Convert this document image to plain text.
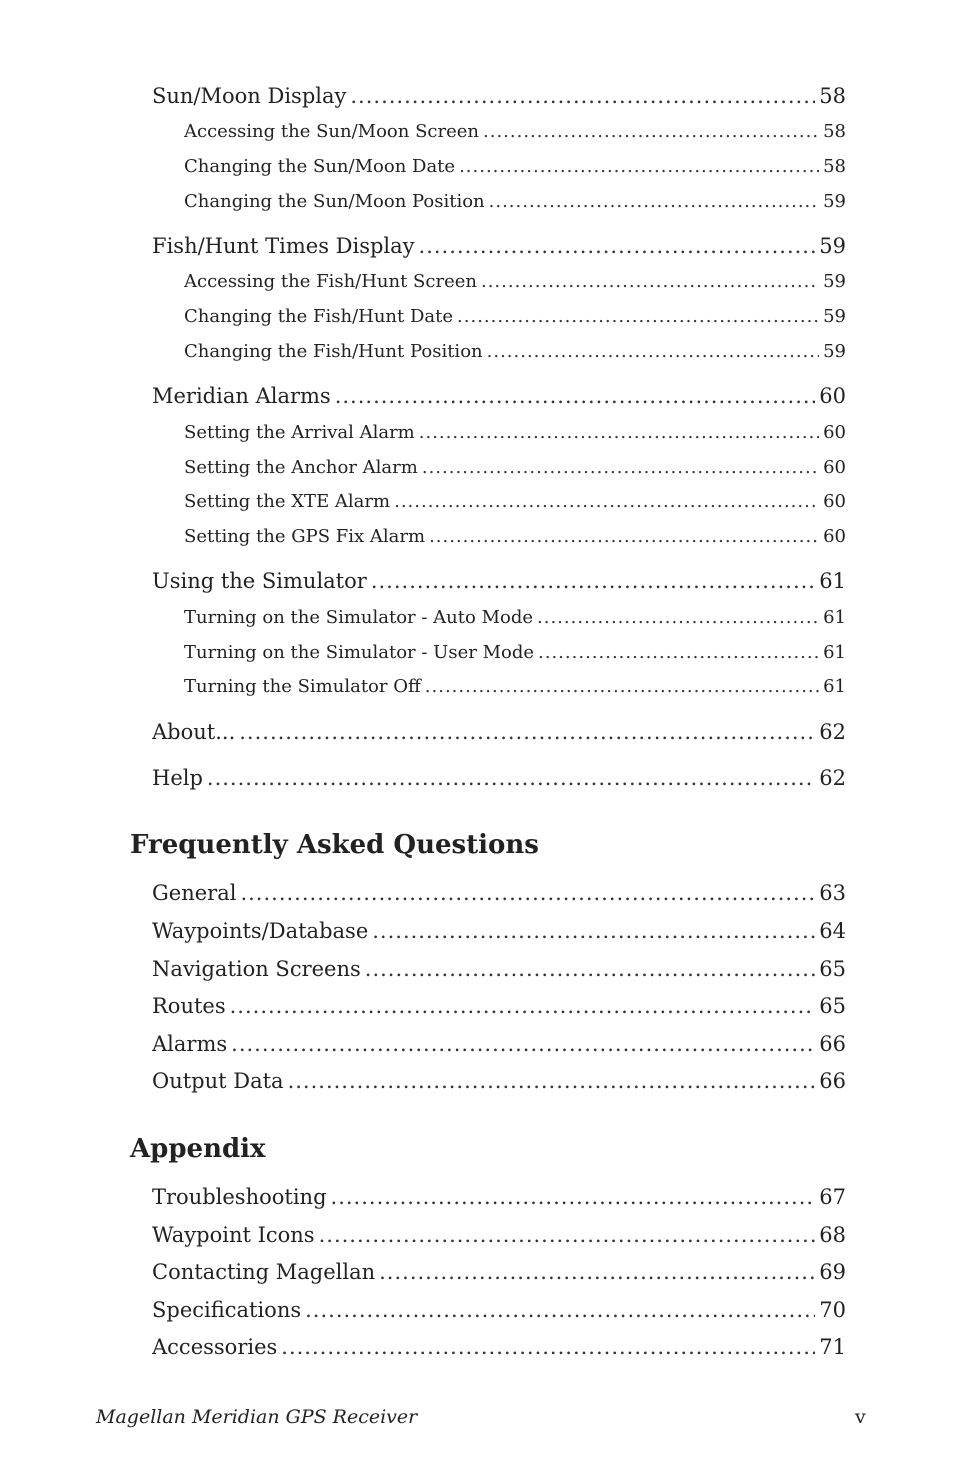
Sun/Moon Display .....	58
Accessing the Sun/Moon Screen .....	58
Changing the Sun/Moon Date .....	58
Changing the Sun/Moon Position .....	59
Fish/Hunt Times Display .....	59
Accessing the Fish/Hunt Screen .....	59
Changing the Fish/Hunt Date .....	59
Changing the Fish/Hunt Position .....	59
Meridian Alarms .....	60
Setting the Arrival Alarm .....	60
Setting the Anchor Alarm .....	60
Setting the XTE Alarm .....	60
Setting the GPS Fix Alarm .....	60
Using the Simulator .....	61
Turning on the Simulator - Auto Mode .....	61
Turning on the Simulator - User Mode .....	61
Turning the Simulator Off .....	61
About... .....	62
Help .....	62
Frequently Asked Questions
General .....	63
Waypoints/Database .....	64
Navigation Screens .....	65
Routes .....	65
Alarms .....	66
Output Data .....	66
Appendix
Troubleshooting .....	67
Waypoint Icons .....	68
Contacting Magellan .....	69
Specifications .....	70
Accessories .....	71
Magellan Meridian GPS Receiver	v
